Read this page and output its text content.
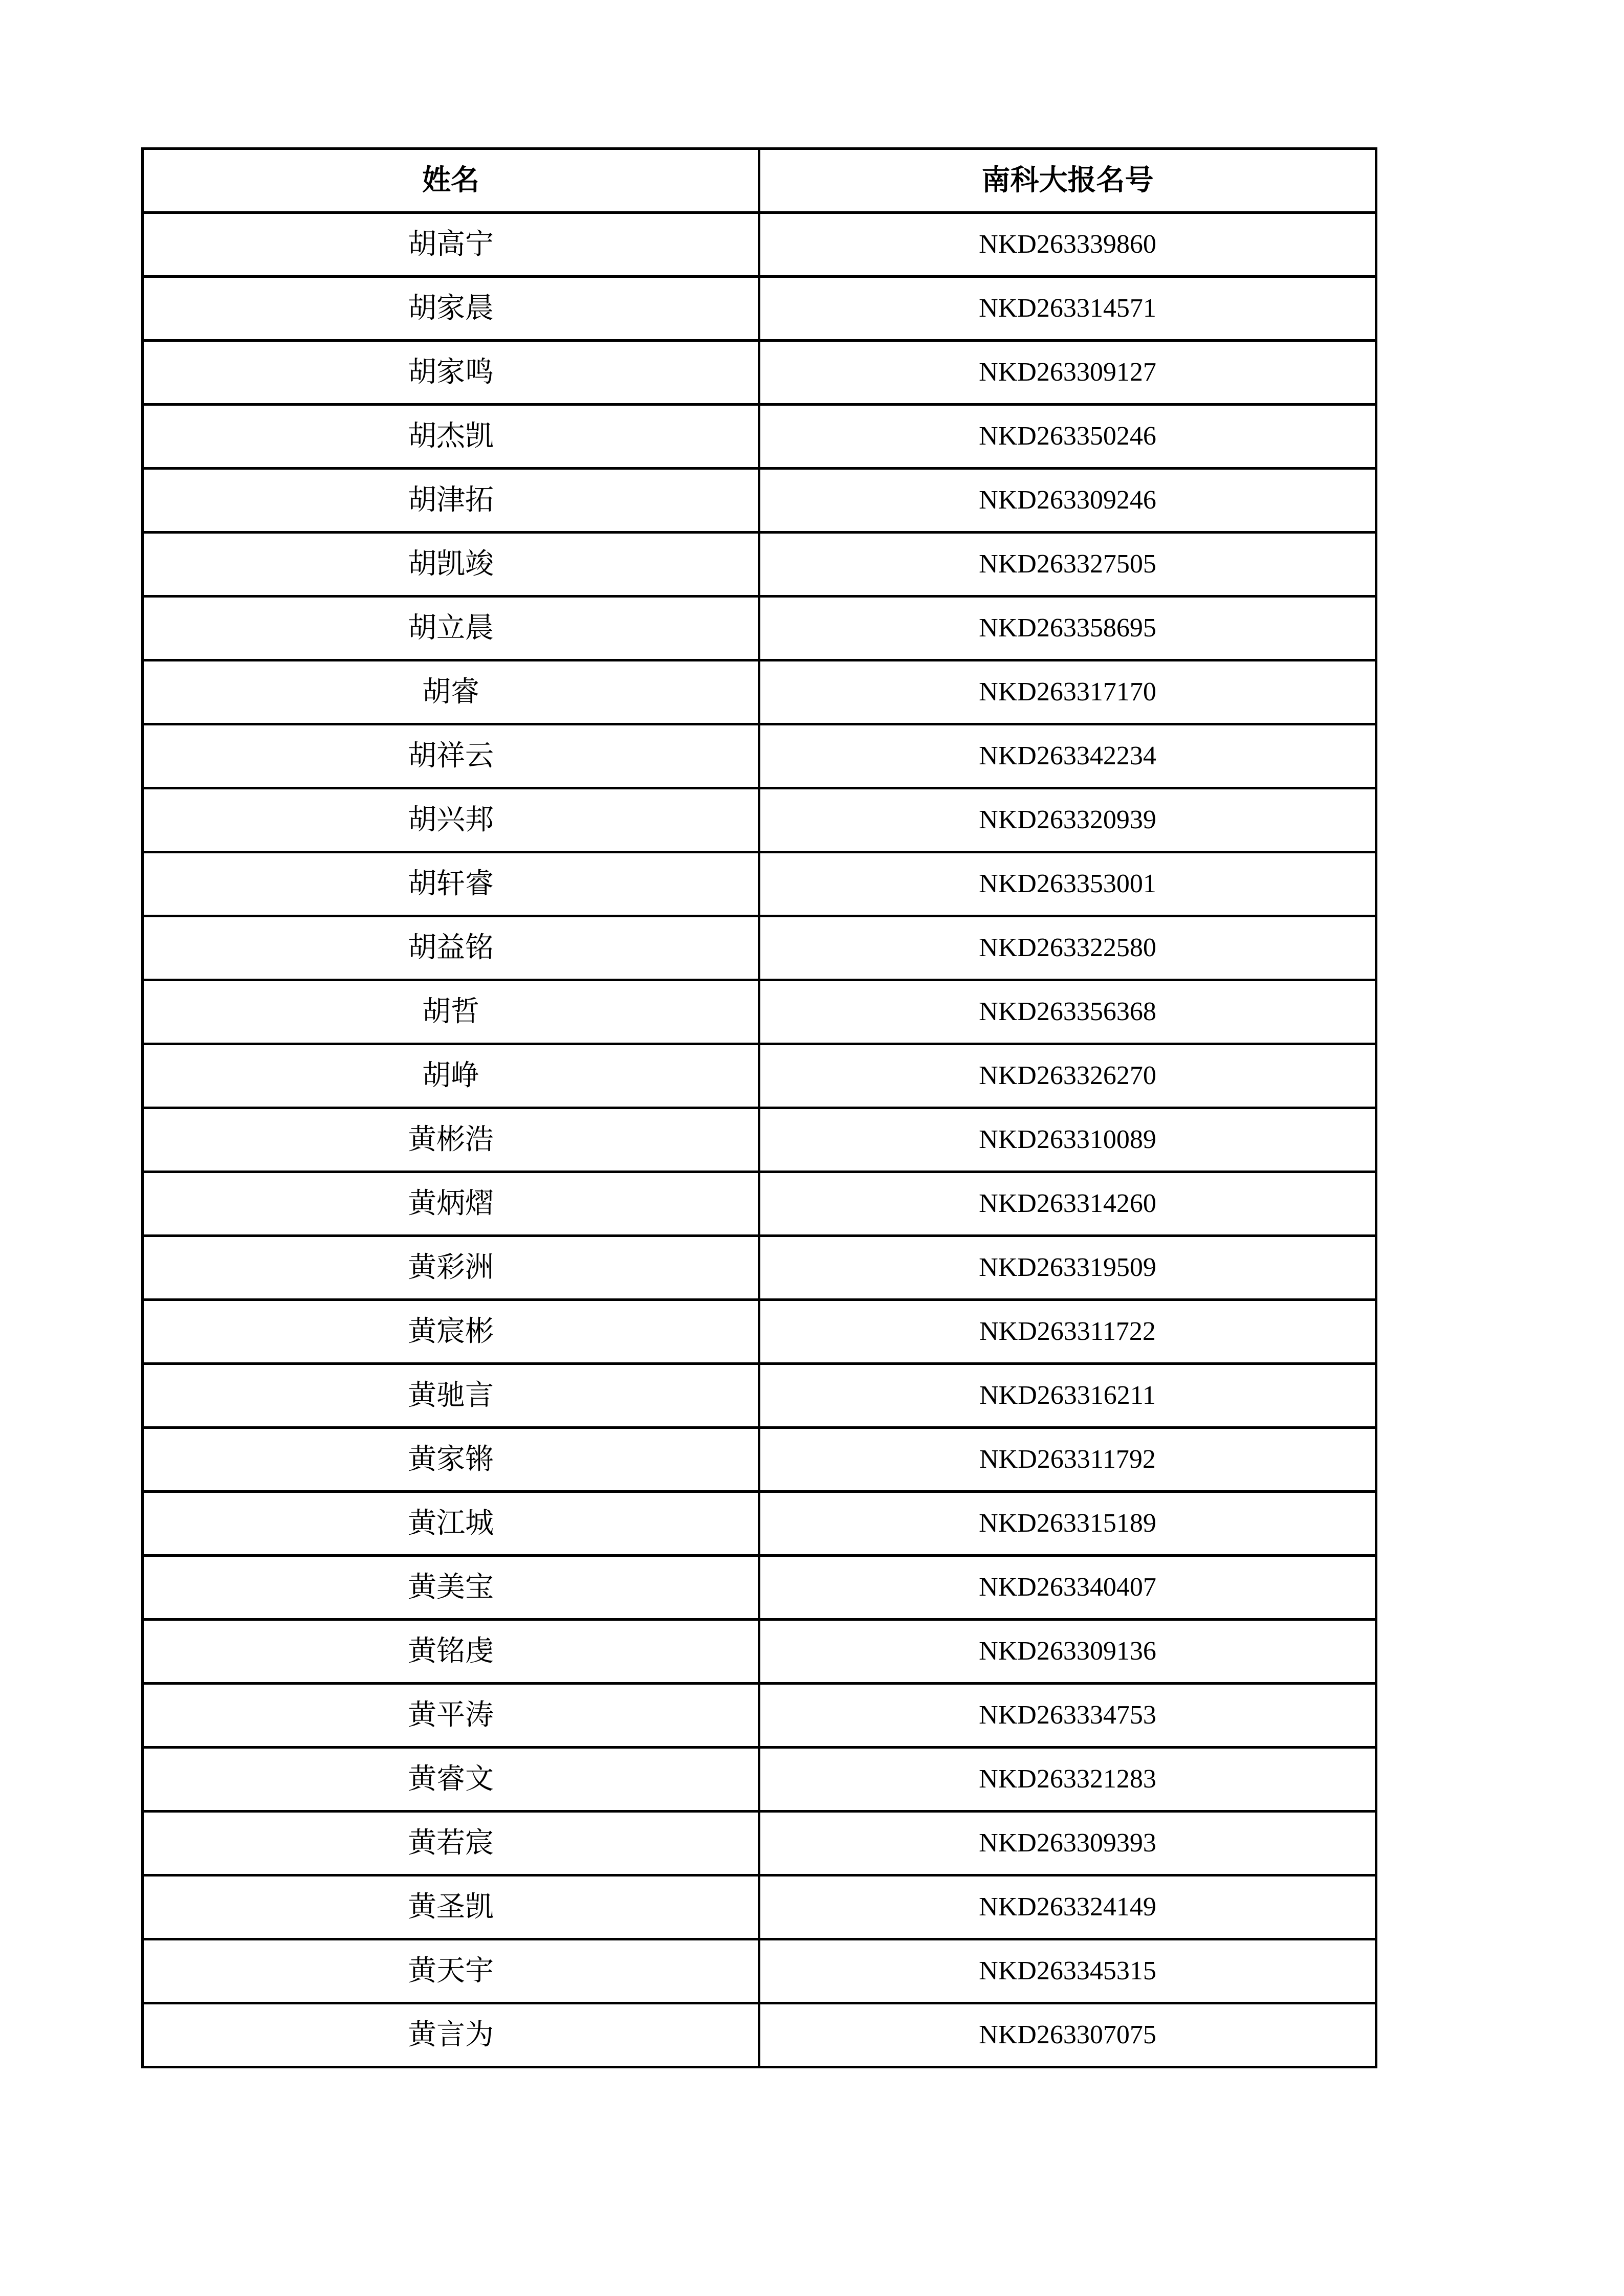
姓名	南科大报名号
胡高宁	NKD263339860
胡家晨	NKD263314571
胡家鸣	NKD263309127
胡杰凯	NKD263350246
胡津拓	NKD263309246
胡凯竣	NKD263327505
胡立晨	NKD263358695
胡睿	NKD263317170
胡祥云	NKD263342234
胡兴邦	NKD263320939
胡轩睿	NKD263353001
胡益铭	NKD263322580
胡哲	NKD263356368
胡峥	NKD263326270
黄彬浩	NKD263310089
黄炳熠	NKD263314260
黄彩洲	NKD263319509
黄宸彬	NKD263311722
黄驰言	NKD263316211
黄家锵	NKD263311792
黄江城	NKD263315189
黄美宝	NKD263340407
黄铭虔	NKD263309136
黄平涛	NKD263334753
黄睿文	NKD263321283
黄若宸	NKD263309393
黄圣凯	NKD263324149
黄天宇	NKD263345315
黄言为	NKD263307075
